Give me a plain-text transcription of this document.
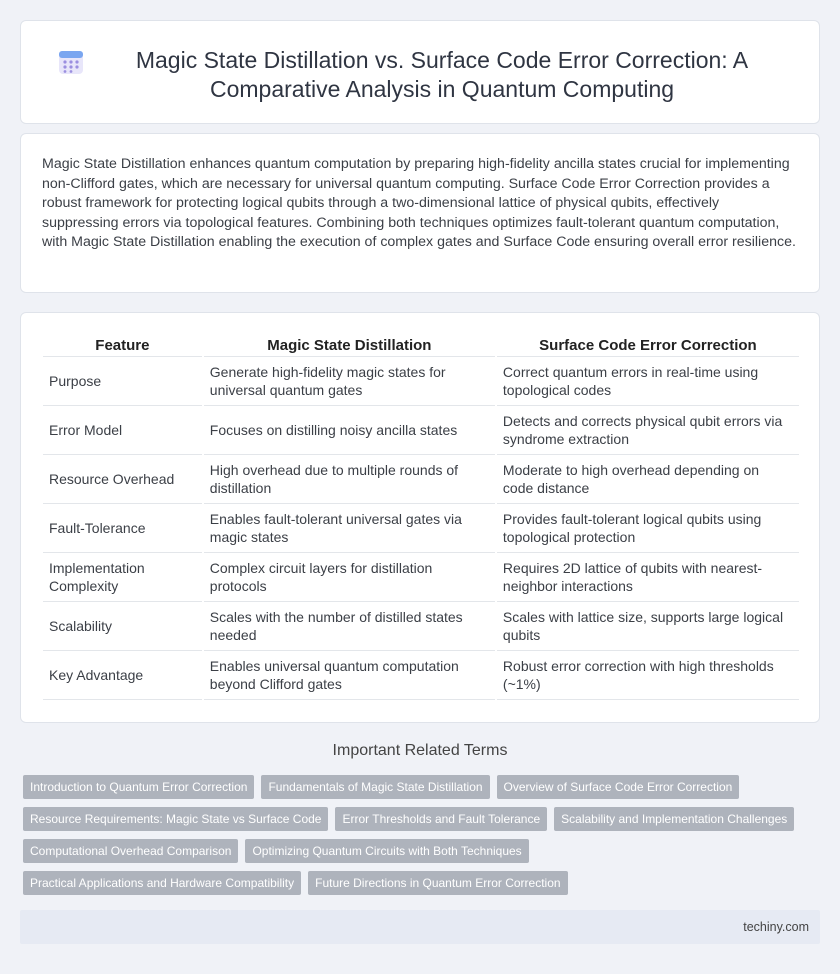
Magic State Distillation vs. Surface Code Error Correction: A Comparative Analysis in Quantum Computing

Magic State Distillation enhances quantum computation by preparing high-fidelity ancilla states crucial for implementing non-Clifford gates, which are necessary for universal quantum computing. Surface Code Error Correction provides a robust framework for protecting logical qubits through a two-dimensional lattice of physical qubits, effectively suppressing errors via topological features. Combining both techniques optimizes fault-tolerant quantum computation, with Magic State Distillation enabling the execution of complex gates and Surface Code ensuring overall error resilience.

Feature	Magic State Distillation	Surface Code Error Correction
Purpose	Generate high-fidelity magic states for universal quantum gates	Correct quantum errors in real-time using topological codes
Error Model	Focuses on distilling noisy ancilla states	Detects and corrects physical qubit errors via syndrome extraction
Resource Overhead	High overhead due to multiple rounds of distillation	Moderate to high overhead depending on code distance
Fault-Tolerance	Enables fault-tolerant universal gates via magic states	Provides fault-tolerant logical qubits using topological protection
Implementation Complexity	Complex circuit layers for distillation protocols	Requires 2D lattice of qubits with nearest-neighbor interactions
Scalability	Scales with the number of distilled states needed	Scales with lattice size, supports large logical qubits
Key Advantage	Enables universal quantum computation beyond Clifford gates	Robust error correction with high thresholds (~1%)
Important Related Terms
Introduction to Quantum Error Correction	Fundamentals of Magic State Distillation	Overview of Surface Code Error Correction
Resource Requirements: Magic State vs Surface Code	Error Thresholds and Fault Tolerance	Scalability and Implementation Challenges
Computational Overhead Comparison	Optimizing Quantum Circuits with Both Techniques
Practical Applications and Hardware Compatibility	Future Directions in Quantum Error Correction
techiny.com
